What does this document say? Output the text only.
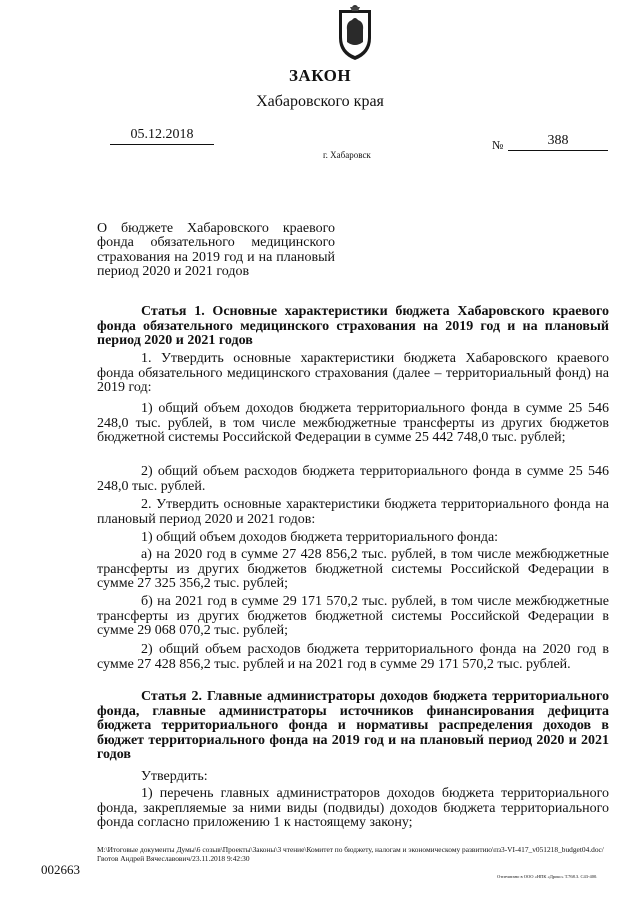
ЗАКОН
Хабаровского края
05.12.2018
№	388
г. Хабаровск
О бюджете Хабаровского краевого фонда обязательного медицинского страхования на 2019 год и на плановый период 2020 и 2021 годов
Статья 1. Основные характеристики бюджета Хабаровского краевого фонда обязательного медицинского страхования на 2019 год и на плановый период 2020 и 2021 годов
1. Утвердить основные характеристики бюджета Хабаровского краевого фонда обязательного медицинского страхования (далее – территориальный фонд) на 2019 год:
1) общий объем доходов бюджета территориального фонда в сумме 25 546 248,0 тыс. рублей, в том числе межбюджетные трансферты из других бюджетов бюджетной системы Российской Федерации в сумме 25 442 748,0 тыс. рублей;
2) общий объем расходов бюджета территориального фонда в сумме 25 546 248,0 тыс. рублей.
2. Утвердить основные характеристики бюджета территориального фонда на плановый период 2020 и 2021 годов:
1) общий объем доходов бюджета территориального фонда:
а) на 2020 год в сумме 27 428 856,2 тыс. рублей, в том числе межбюджетные трансферты из других бюджетов бюджетной системы Российской Федерации в сумме 27 325 356,2 тыс. рублей;
б) на 2021 год в сумме 29 171 570,2 тыс. рублей, в том числе межбюджетные трансферты из других бюджетов бюджетной системы Российской Федерации в сумме 29 068 070,2 тыс. рублей;
2) общий объем расходов бюджета территориального фонда на 2020 год в сумме 27 428 856,2 тыс. рублей и на 2021 год в сумме 29 171 570,2 тыс. рублей.
Статья 2. Главные администраторы доходов бюджета территориального фонда, главные администраторы источников финансирования дефицита бюджета территориального фонда и нормативы распределения доходов в бюджет территориального фонда на 2019 год и на плановый период 2020 и 2021 годов
Утвердить:
1) перечень главных администраторов доходов бюджета территориального фонда, закрепляемые за ними виды (подвиды) доходов бюджета территориального фонда согласно приложению 1 к настоящему закону;
M:\Итоговые документы Думы\6 созыв\Проекты\Законы\3 чтение\Комитет по бюджету, налогам и экономическому развитию\пз3-VI-417_v051218_budget04.doc/Гвотов Андрей Вячеславович/23.11.2018 9:42:30
Отпечатано в ООО «НПК «Дрокс» Т.768.3. С43-400.
002663
